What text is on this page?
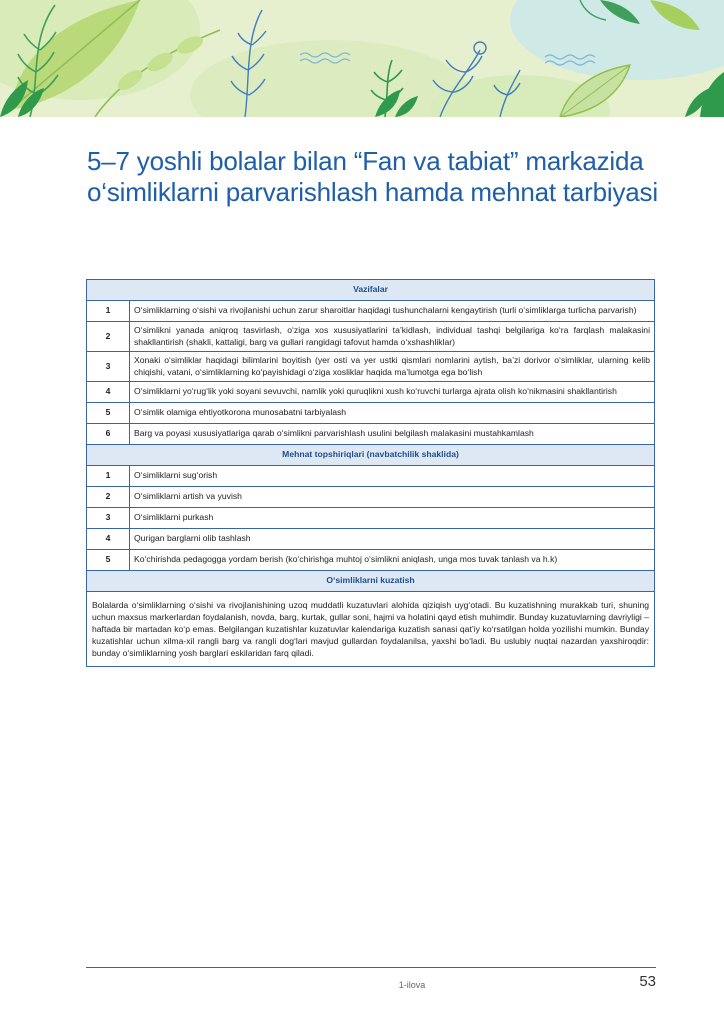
5–7 yoshli bolalar bilan “Fan va tabiat” markazida o‘simliklarni parvarishlash hamda mehnat tarbiyasi
Vazifalar	
1	O‘simliklarning o‘sishi va rivojlanishi uchun zarur sharoitlar haqidagi tushunchalarni kengaytirish (turli o‘simliklarga turlicha parvarish)
2	O‘simlikni yanada aniqroq tasvirlash, o‘ziga xos xususiyatlarini ta’kidlash, individual tashqi belgilariga ko‘ra farqlash malakasini shakllantirish (shakli, kattaligi, barg va gullari rangidagi tafovut hamda o‘xshashliklar)
3	Xonaki o‘simliklar haqidagi bilimlarini boyitish (yer osti va yer ustki qismlari nomlarini aytish, ba’zi dorivor o‘simliklar, ularning kelib chiqishi, vatani, o‘simliklarning ko‘payishidagi o‘ziga xosliklar haqida ma’lumotga ega bo‘lish
4	O‘simliklarni yo‘rug‘lik yoki soyani sevuvchi, namlik yoki quruqlikni xush ko‘ruvchi turlarga ajrata olish ko‘nikmasini shakllantirish
5	O‘simlik olamiga ehtiyotkorona munosabatni tarbiyalash
6	Barg va poyasi xususiyatlariga qarab o‘simlikni parvarishlash usulini belgilash malakasini mustahkamlash
Mehnat topshiriqlari (navbatchilik shaklida)	
1	O‘simliklarni sug‘orish
2	O‘simliklarni artish va yuvish
3	O‘simliklarni purkash
4	Qurigan barglarni olib tashlash
5	Ko‘chirishda pedagogga yordam berish (ko‘chirishga muhtoj o‘simlikni aniqlash, unga mos tuvak tanlash va h.k)
O‘simliklarni kuzatish	
Bolalarda o‘simliklarning o‘sishi va rivojlanishining uzoq muddatli kuzatuvlari alohida qiziqish uyg‘otadi. Bu kuzatishning murakkab turi, shuning uchun maxsus markerlardan foydalanish, novda, barg, kurtak, gullar soni, hajmi va holatini qayd etish muhimdir. Bunday kuzatuvlarning davriyligi – haftada bir martadan ko‘p emas. Belgilangan kuzatishlar kuzatuvlar kalendariga kuzatish sanasi qat’iy ko‘rsatilgan holda yozilishi mumkin. Bunday kuzatishlar uchun xilma-xil rangli barg va rangli dog‘lari mavjud gullardan foydalanilsa, yaxshi bo‘ladi. Bu uslubiy nuqtai nazardan yaxshiroqdir: bunday o‘simliklarning yosh barglari eskilaridan farq qiladi.	
1-ilova	53
